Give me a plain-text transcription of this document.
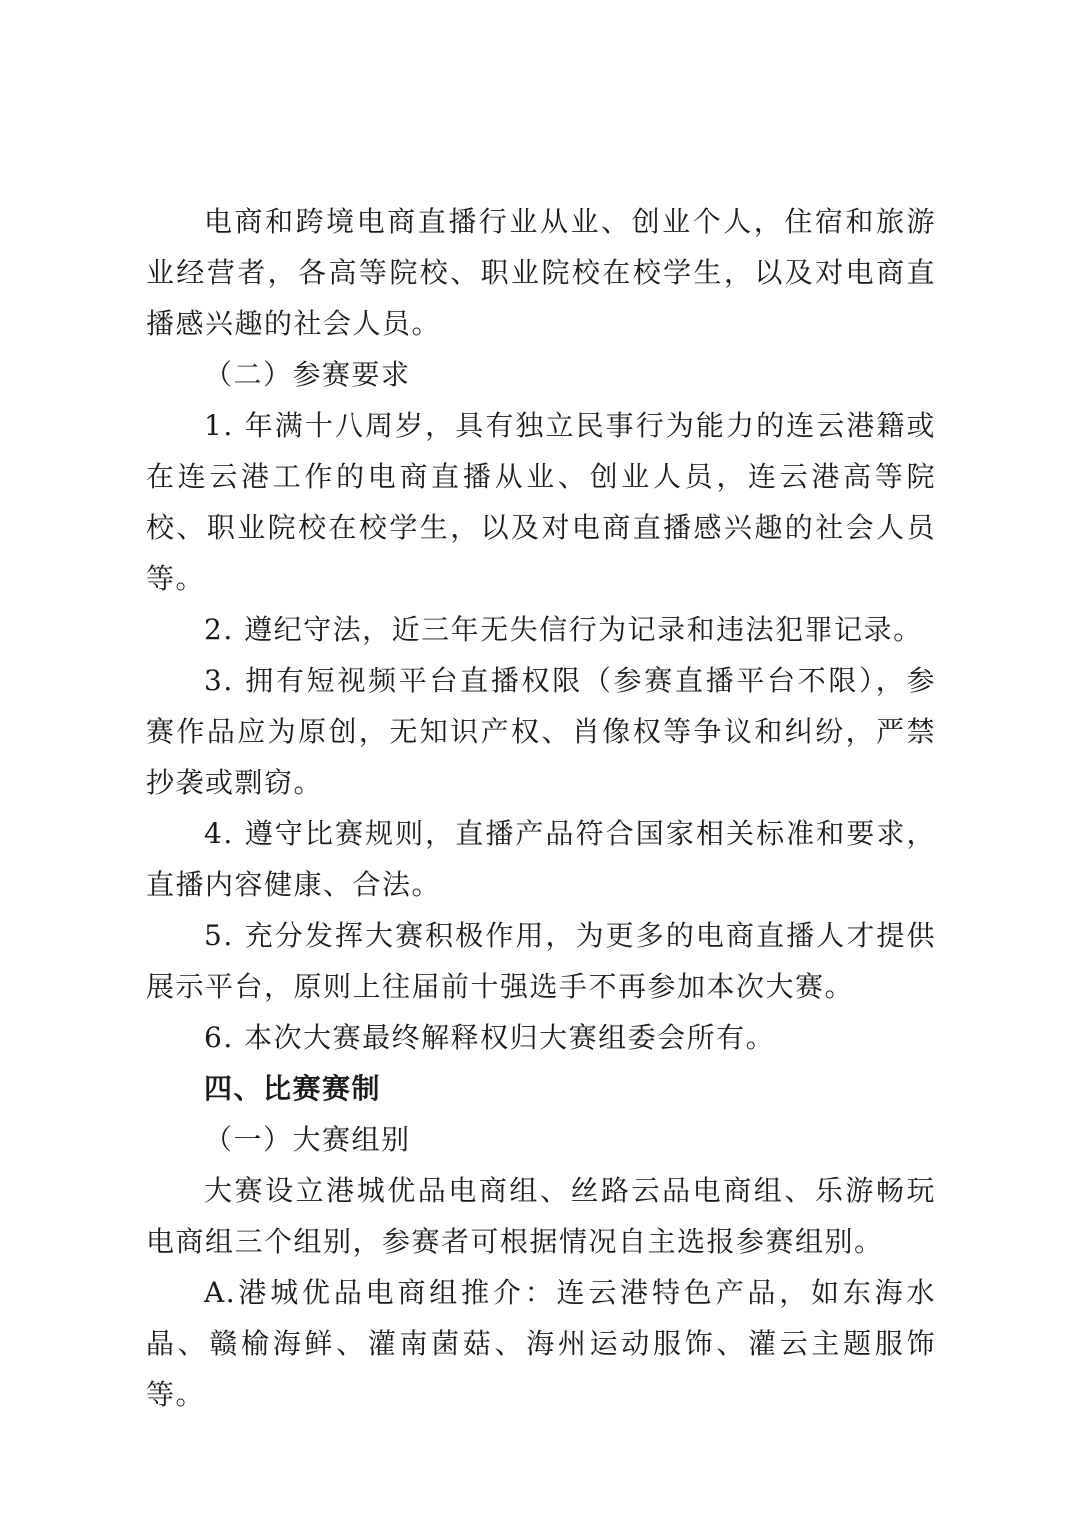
电商和跨境电商直播行业从业、创业个人，住宿和旅游业经营者，各高等院校、职业院校在校学生，以及对电商直播感兴趣的社会人员。

（二）参赛要求

1. 年满十八周岁，具有独立民事行为能力的连云港籍或在连云港工作的电商直播从业、创业人员，连云港高等院校、职业院校在校学生，以及对电商直播感兴趣的社会人员等。

2. 遵纪守法，近三年无失信行为记录和违法犯罪记录。

3. 拥有短视频平台直播权限（参赛直播平台不限），参赛作品应为原创，无知识产权、肖像权等争议和纠纷，严禁抄袭或剽窃。

4. 遵守比赛规则，直播产品符合国家相关标准和要求，直播内容健康、合法。

5. 充分发挥大赛积极作用，为更多的电商直播人才提供展示平台，原则上往届前十强选手不再参加本次大赛。

6. 本次大赛最终解释权归大赛组委会所有。

四、比赛赛制

（一）大赛组别

大赛设立港城优品电商组、丝路云品电商组、乐游畅玩电商组三个组别，参赛者可根据情况自主选报参赛组别。

A.港城优品电商组推介：连云港特色产品，如东海水晶、赣榆海鲜、灌南菌菇、海州运动服饰、灌云主题服饰等。
